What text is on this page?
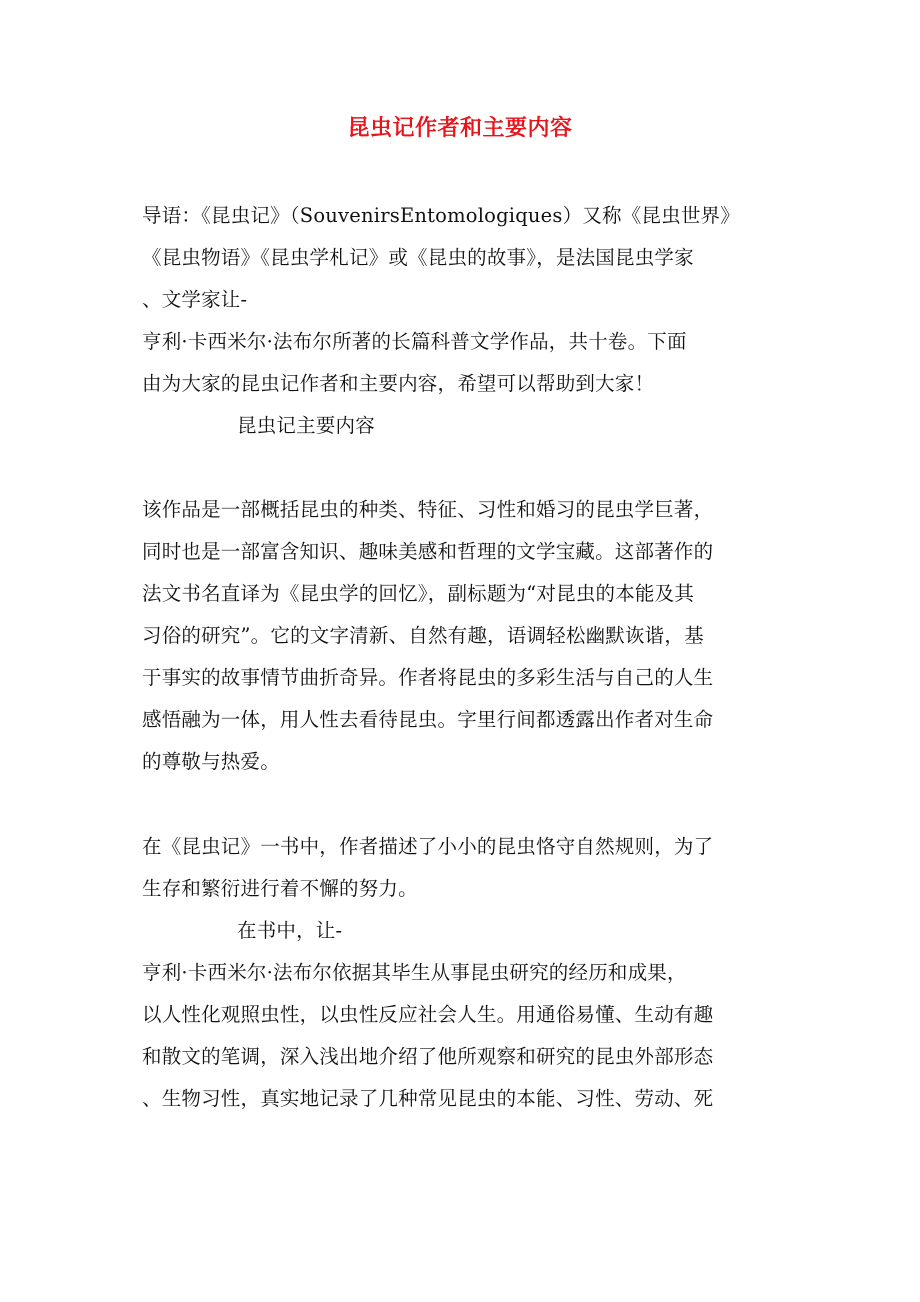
昆虫记作者和主要内容
导语：《昆虫记》（SouvenirsEntomologiques）又称《昆虫世界》
《昆虫物语》《昆虫学札记》或《昆虫的故事》，是法国昆虫学家
、文学家让-
亨利·卡西米尔·法布尔所著的长篇科普文学作品，共十卷。下面
由为大家的昆虫记作者和主要内容，希望可以帮助到大家！
昆虫记主要内容
该作品是一部概括昆虫的种类、特征、习性和婚习的昆虫学巨著，
同时也是一部富含知识、趣味美感和哲理的文学宝藏。这部著作的
法文书名直译为《昆虫学的回忆》，副标题为“对昆虫的本能及其
习俗的研究”。它的文字清新、自然有趣，语调轻松幽默诙谐，基
于事实的故事情节曲折奇异。作者将昆虫的多彩生活与自己的人生
感悟融为一体，用人性去看待昆虫。字里行间都透露出作者对生命
的尊敬与热爱。
在《昆虫记》一书中，作者描述了小小的昆虫恪守自然规则，为了
生存和繁衍进行着不懈的努力。
在书中，让-
亨利·卡西米尔·法布尔依据其毕生从事昆虫研究的经历和成果，
以人性化观照虫性，以虫性反应社会人生。用通俗易懂、生动有趣
和散文的笔调，深入浅出地介绍了他所观察和研究的昆虫外部形态
、生物习性，真实地记录了几种常见昆虫的本能、习性、劳动、死
